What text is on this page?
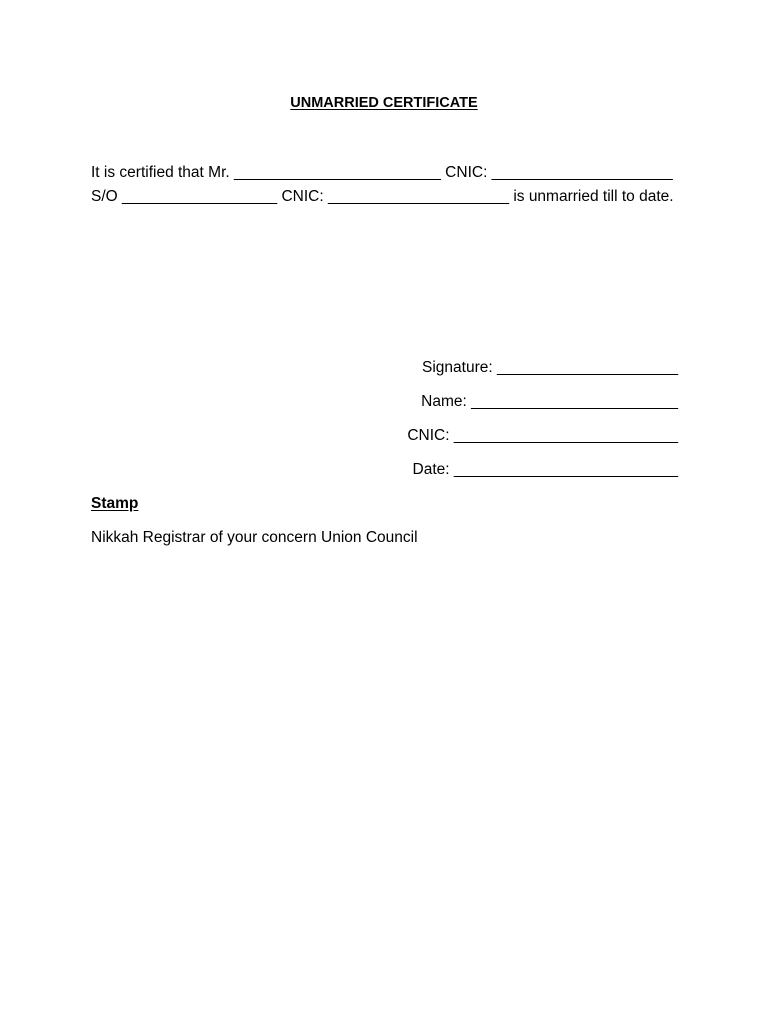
UNMARRIED CERTIFICATE
It is certified that Mr. ________________________ CNIC: _____________________
S/O __________________ CNIC: _____________________ is unmarried till to date.
Signature: _____________________
Name: ________________________
CNIC: __________________________
Date: __________________________
Stamp
Nikkah Registrar of your concern Union Council
